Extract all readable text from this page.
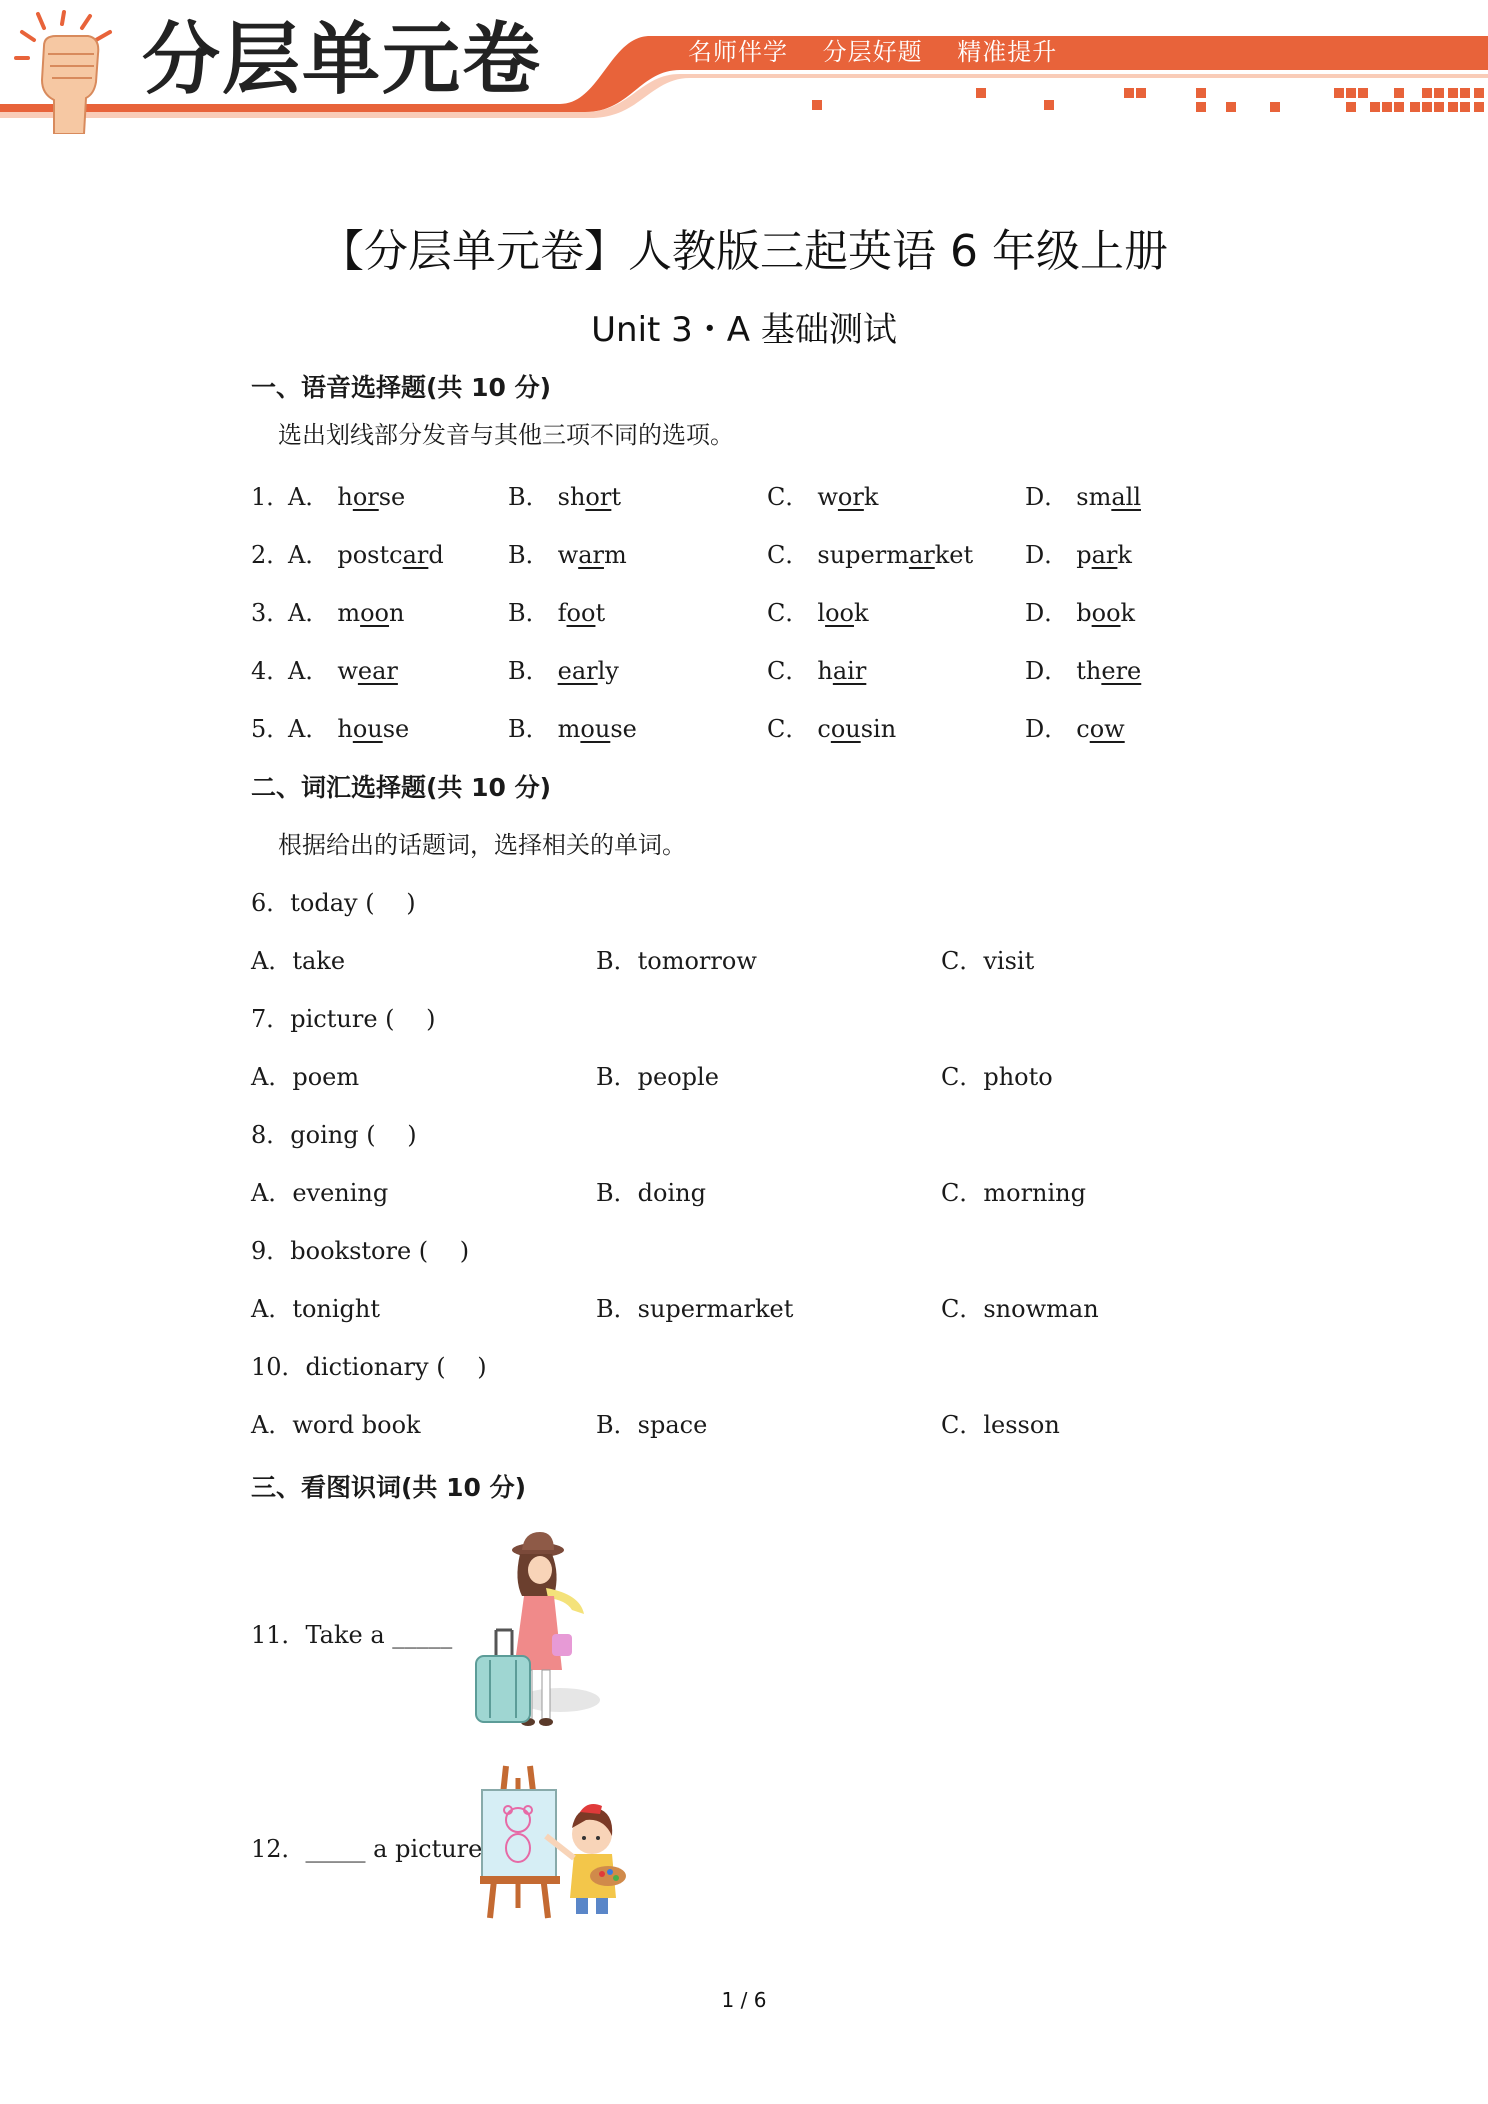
分层单元卷	名师伴学 分层好题 精准提升
【分层单元卷】人教版三起英语 6 年级上册
Unit 3・A 基础测试
一、语音选择题(共 10 分)
选出划线部分发音与其他三项不同的选项。
1．
A． horse	B． short	C． work	D． small
2．
A． postcard	B． warm	C． supermarket D． park
3．
A． moon	B． foot	C． look	D． book
4．
A． wear	B． early	C． hair	D． there
5．
A． house	B． mouse	C． cousin	D． cow
二、词汇选择题(共 10 分)
根据给出的话题词，选择相关的单词。
6．today (　 )
A．take	B．tomorrow	C．visit
7．picture (　 )
A．poem	B．people	C．photo
8．going (　 )
A．evening	B．doing	C．morning
9．bookstore (　 )
A．tonight	B．supermarket	C．snowman
10．dictionary (　 )
A．word book	B．space	C．lesson
三、看图识词(共 10 分)
11．Take a _____
12．_____ a picture
1 / 6
